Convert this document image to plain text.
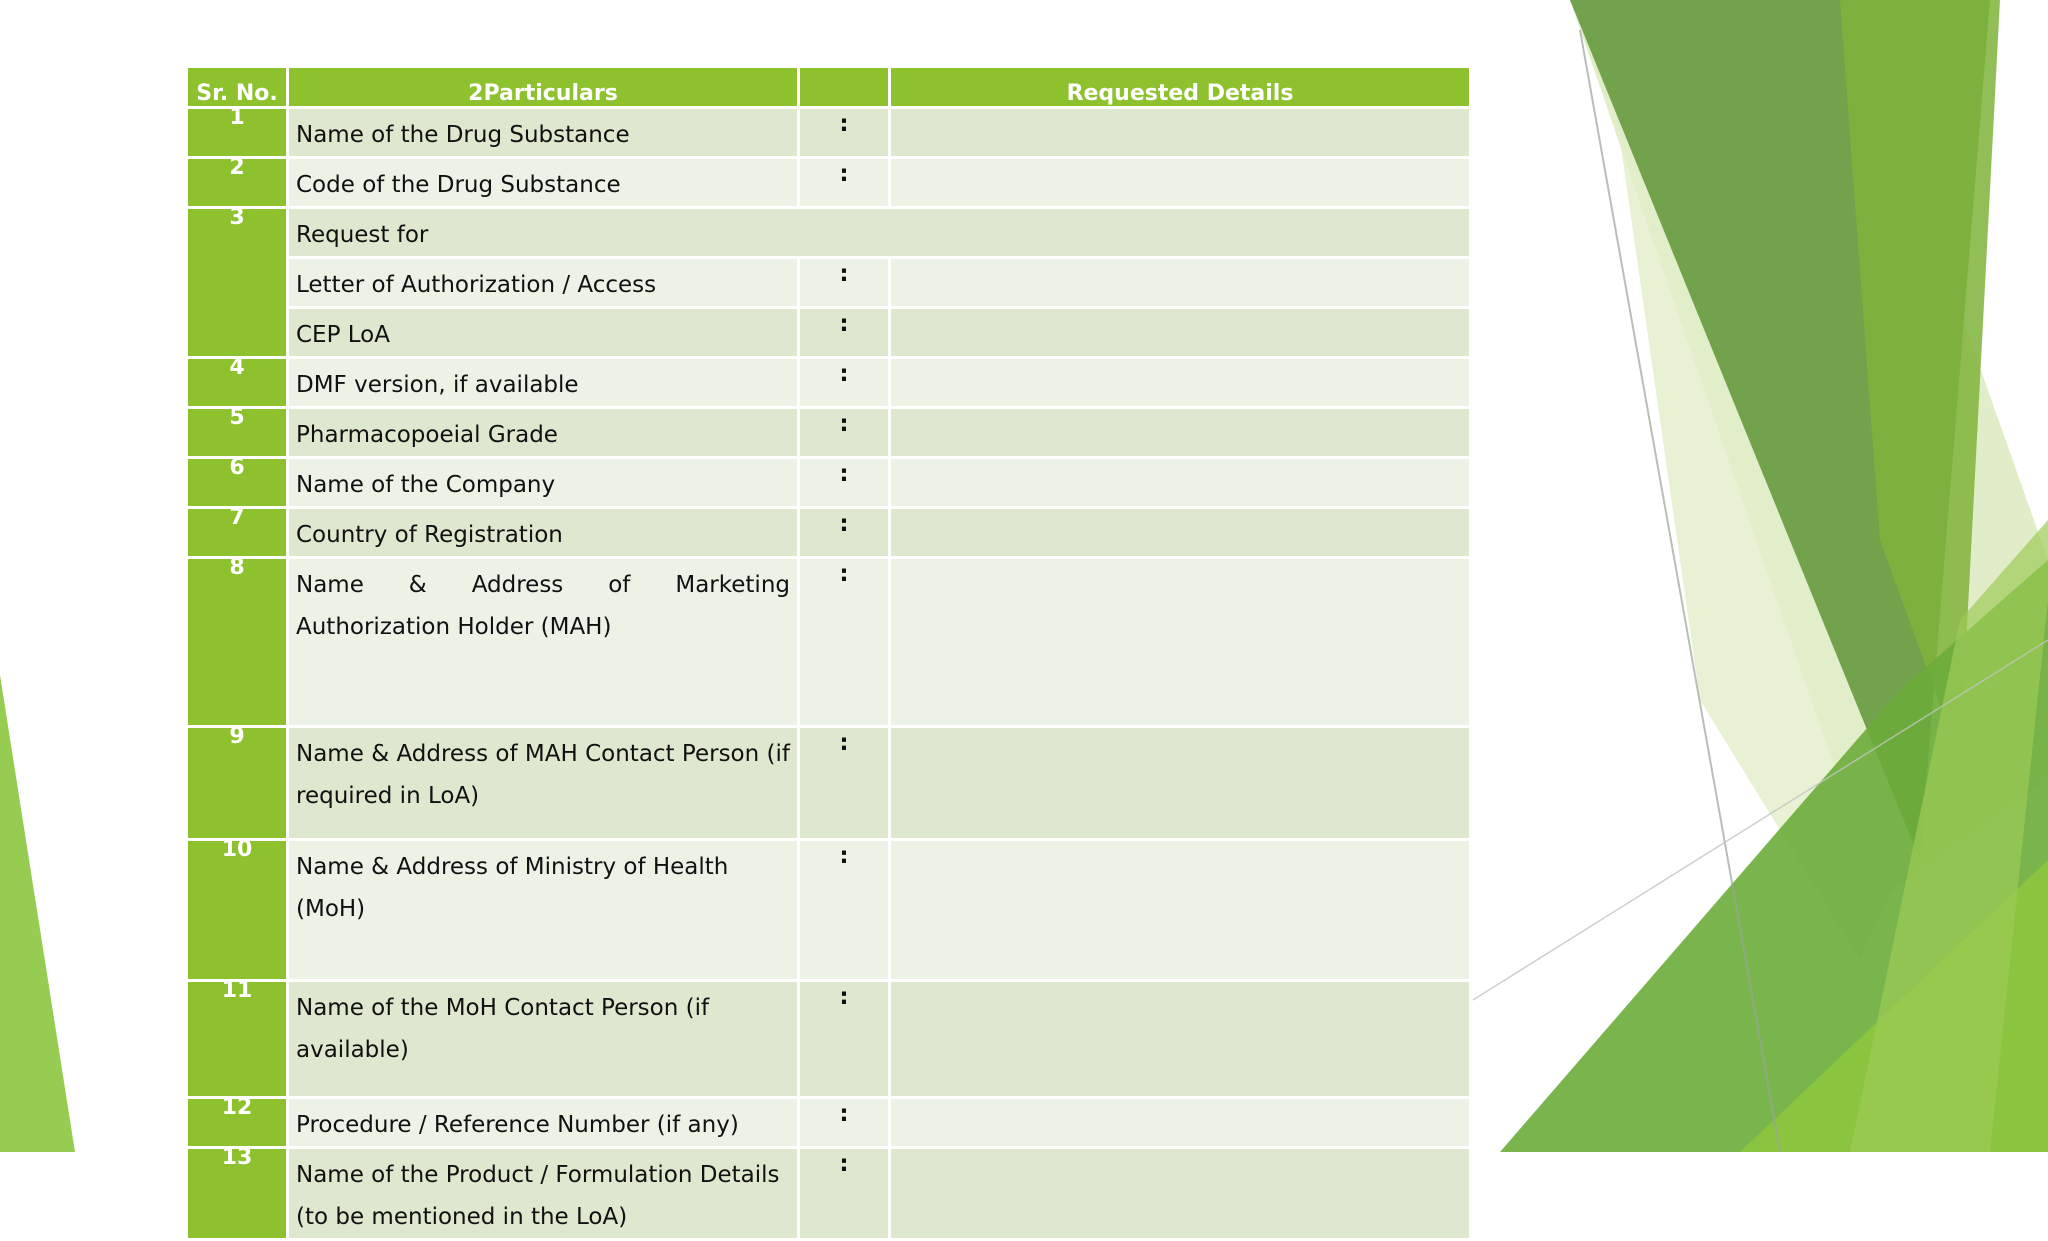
Sr. No.	2Particulars		Requested Details

1	Name of the Drug Substance	:	

2	Code of the Drug Substance	:	

3	Request for		
	Letter of Authorization / Access	:	
	CEP LoA	:	

4	DMF version, if available	:	

5	Pharmacopoeial Grade	:	

6	Name of the Company	:	

7	Country of Registration	:	

8	Name & Address of Marketing Authorization Holder (MAH)	:	

9	Name & Address of MAH Contact Person (if required in LoA)	:	

10	Name & Address of Ministry of Health (MoH)	:	

11	Name of the MoH Contact Person (if available)	:	

12	Procedure / Reference Number (if any)	:	

13	Name of the Product / Formulation Details (to be mentioned in the LoA)	:	
